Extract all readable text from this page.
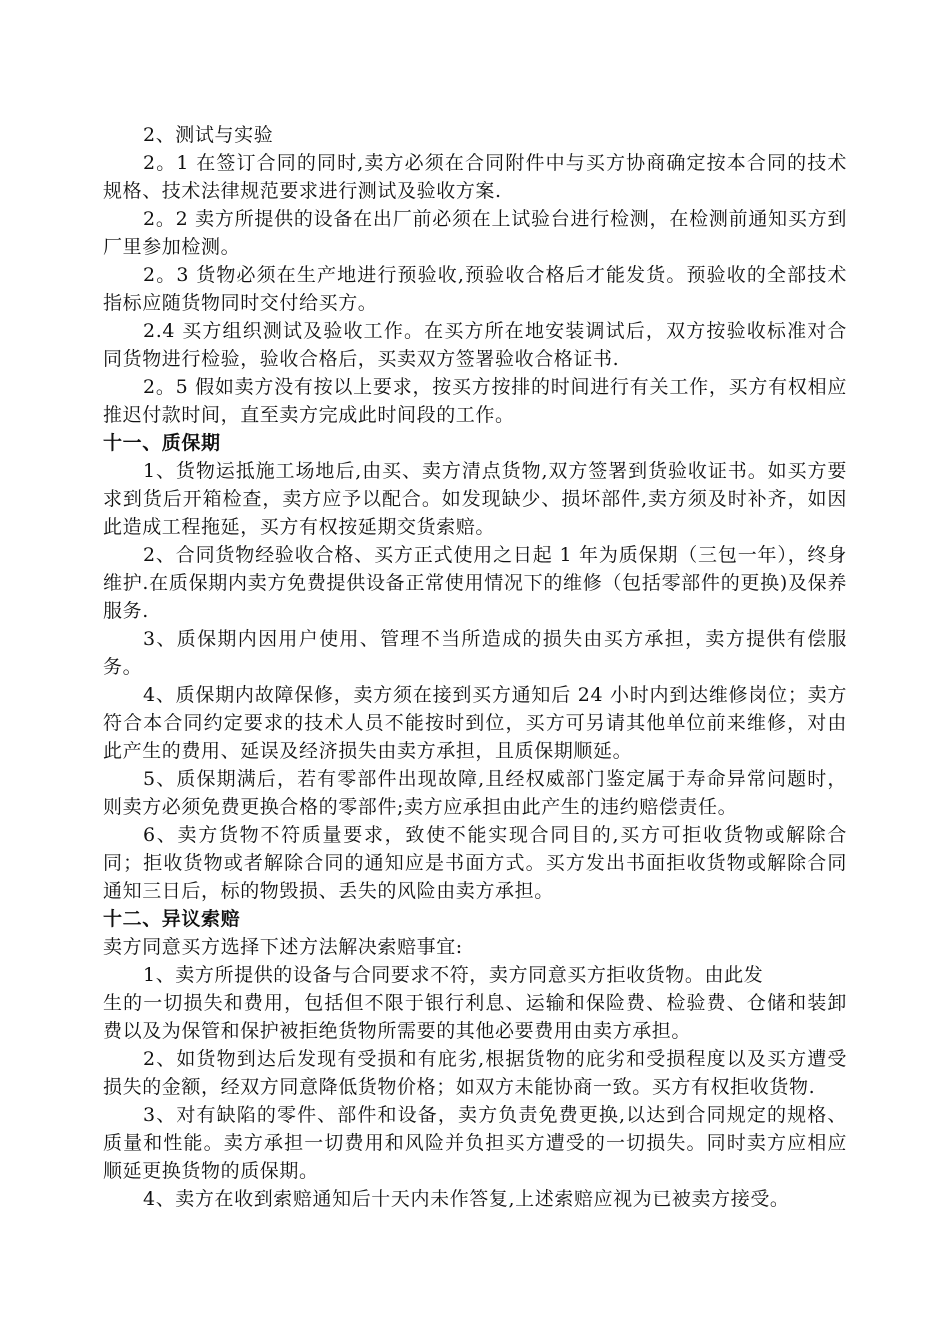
2、测试与实验

2。1 在签订合同的同时,卖方必须在合同附件中与买方协商确定按本合同的技术规格、技术法律规范要求进行测试及验收方案.

2。2 卖方所提供的设备在出厂前必须在上试验台进行检测，在检测前通知买方到厂里参加检测。

2。3 货物必须在生产地进行预验收,预验收合格后才能发货。预验收的全部技术指标应随货物同时交付给买方。

2.4 买方组织测试及验收工作。在买方所在地安装调试后，双方按验收标准对合同货物进行检验，验收合格后，买卖双方签署验收合格证书.

2。5 假如卖方没有按以上要求，按买方按排的时间进行有关工作，买方有权相应推迟付款时间，直至卖方完成此时间段的工作。

十一、质保期

1、货物运抵施工场地后,由买、卖方清点货物,双方签署到货验收证书。如买方要求到货后开箱检查，卖方应予以配合。如发现缺少、损坏部件,卖方须及时补齐，如因此造成工程拖延，买方有权按延期交货索赔。

2、合同货物经验收合格、买方正式使用之日起 1 年为质保期（三包一年），终身维护.在质保期内卖方免费提供设备正常使用情况下的维修（包括零部件的更换)及保养服务.

3、质保期内因用户使用、管理不当所造成的损失由买方承担，卖方提供有偿服务。

4、质保期内故障保修，卖方须在接到买方通知后 24 小时内到达维修岗位；卖方符合本合同约定要求的技术人员不能按时到位，买方可另请其他单位前来维修，对由此产生的费用、延误及经济损失由卖方承担，且质保期顺延。

5、质保期满后，若有零部件出现故障,且经权威部门鉴定属于寿命异常问题时，则卖方必须免费更换合格的零部件;卖方应承担由此产生的违约赔偿责任。

6、卖方货物不符质量要求，致使不能实现合同目的,买方可拒收货物或解除合同；拒收货物或者解除合同的通知应是书面方式。买方发出书面拒收货物或解除合同通知三日后，标的物毁损、丢失的风险由卖方承担。

十二、异议索赔

卖方同意买方选择下述方法解决索赔事宜:

1、卖方所提供的设备与合同要求不符，卖方同意买方拒收货物。由此发

生的一切损失和费用，包括但不限于银行利息、运输和保险费、检验费、仓储和装卸费以及为保管和保护被拒绝货物所需要的其他必要费用由卖方承担。

2、如货物到达后发现有受损和有庇劣,根据货物的庇劣和受损程度以及买方遭受损失的金额，经双方同意降低货物价格；如双方未能协商一致。买方有权拒收货物.

3、对有缺陷的零件、部件和设备，卖方负责免费更换,以达到合同规定的规格、质量和性能。卖方承担一切费用和风险并负担买方遭受的一切损失。同时卖方应相应顺延更换货物的质保期。

4、卖方在收到索赔通知后十天内未作答复,上述索赔应视为已被卖方接受。
